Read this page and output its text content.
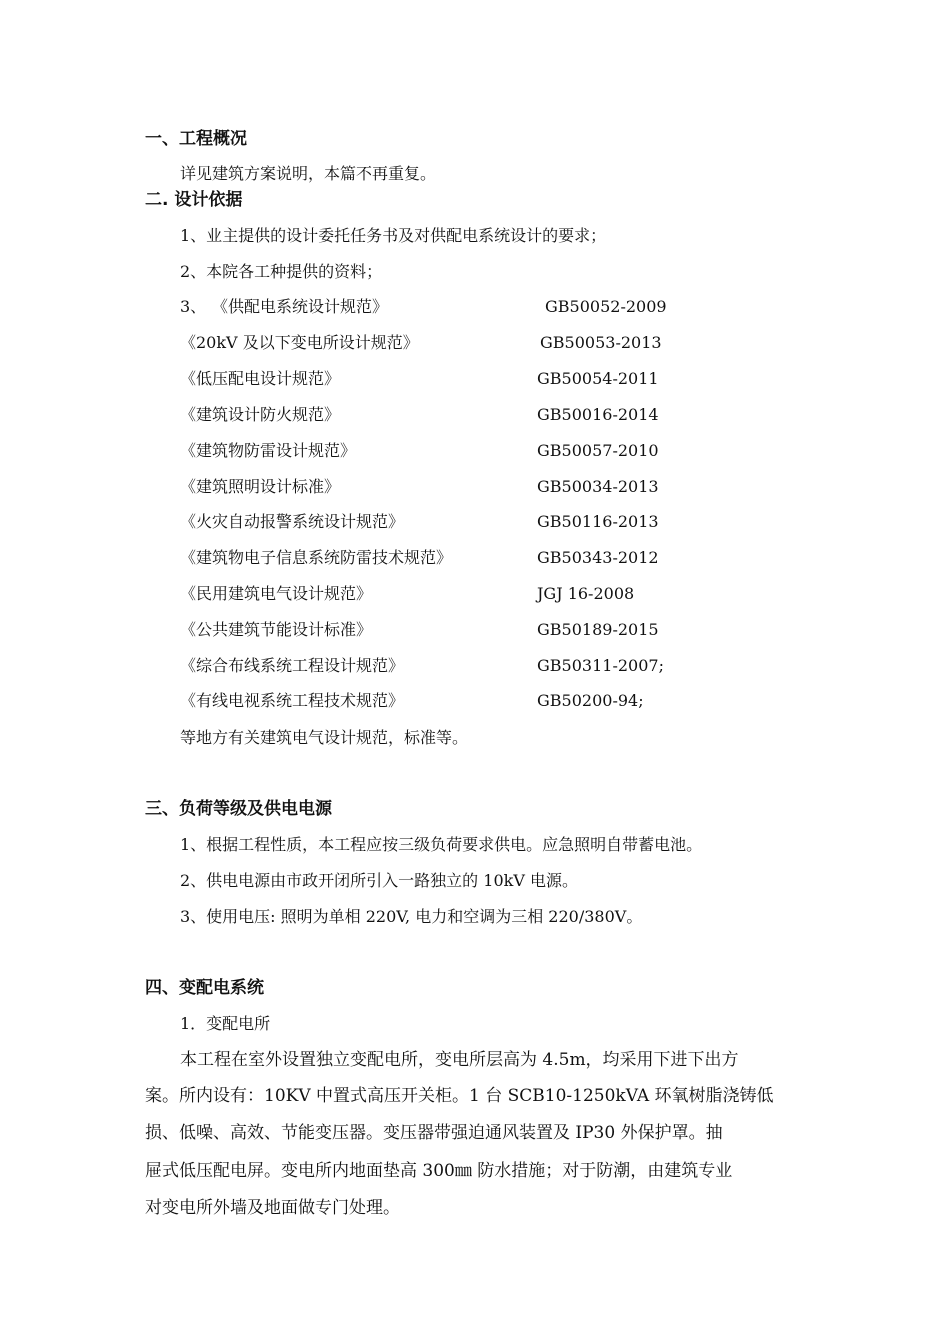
一、工程概况
详见建筑方案说明，本篇不再重复。
二. 设计依据
1、业主提供的设计委托任务书及对供配电系统设计的要求；
2、本院各工种提供的资料；
3、 《供配电系统设计规范》	GB50052-2009
《20kV 及以下变电所设计规范》	GB50053-2013
《低压配电设计规范》	GB50054-2011
《建筑设计防火规范》	GB50016-2014
《建筑物防雷设计规范》	GB50057-2010
《建筑照明设计标准》	GB50034-2013
《火灾自动报警系统设计规范》	GB50116-2013
《建筑物电子信息系统防雷技术规范》	GB50343-2012
《民用建筑电气设计规范》	JGJ 16-2008
《公共建筑节能设计标准》	GB50189-2015
《综合布线系统工程设计规范》	GB50311-2007;
《有线电视系统工程技术规范》	GB50200-94;
等地方有关建筑电气设计规范，标准等。
三、负荷等级及供电电源
1、根据工程性质，本工程应按三级负荷要求供电。应急照明自带蓄电池。
2、供电电源由市政开闭所引入一路独立的 10kV 电源。
3、使用电压: 照明为单相 220V, 电力和空调为三相 220/380V。
四、变配电系统
1．变配电所
本工程在室外设置独立变配电所，变电所层高为 4.5m，均采用下进下出方
案。所内设有：10KV 中置式高压开关柜。1 台 SCB10-1250kVA 环氧树脂浇铸低
损、低噪、高效、节能变压器。变压器带强迫通风装置及 IP30 外保护罩。抽
屉式低压配电屏。变电所内地面垫高 300㎜ 防水措施；对于防潮，由建筑专业
对变电所外墙及地面做专门处理。
